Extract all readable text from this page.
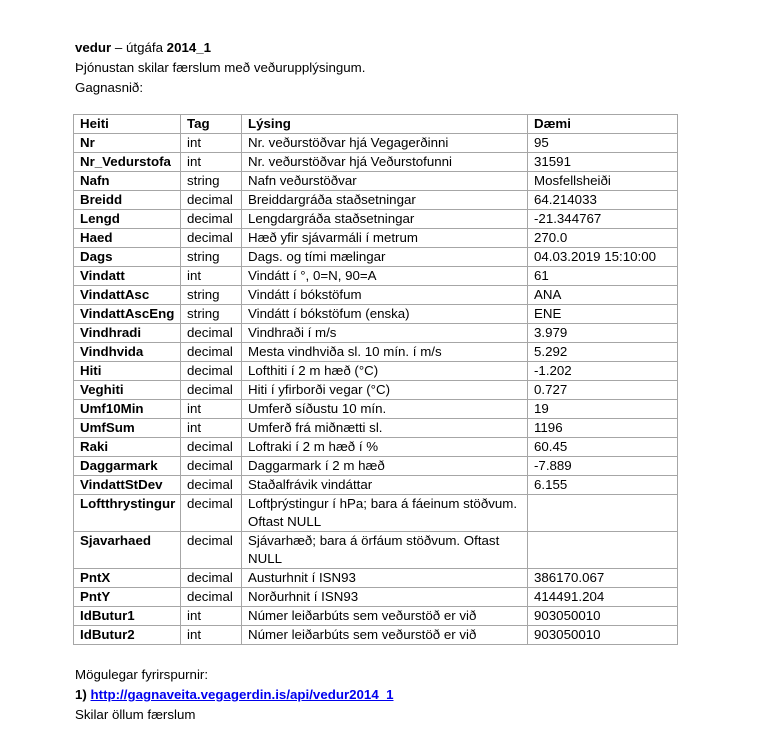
vedur – útgáfa 2014_1
Þjónustan skilar færslum með veðurupplýsingum.
Gagnasnið:
Heiti	Tag	Lýsing	Dæmi
Nr	int	Nr. veðurstöðvar hjá Vegagerðinni	95
Nr_Vedurstofa	int	Nr. veðurstöðvar hjá Veðurstofunni	31591
Nafn	string	Nafn veðurstöðvar	Mosfellsheiði
Breidd	decimal	Breiddargráða staðsetningar	64.214033
Lengd	decimal	Lengdargráða staðsetningar	-21.344767
Haed	decimal	Hæð yfir sjávarmáli í metrum	270.0
Dags	string	Dags. og tími mælingar	04.03.2019 15:10:00
Vindatt	int	Vindátt í °, 0=N, 90=A	61
VindattAsc	string	Vindátt í bókstöfum	ANA
VindattAscEng	string	Vindátt í bókstöfum (enska)	ENE
Vindhradi	decimal	Vindhraði í m/s	3.979
Vindhvida	decimal	Mesta vindhviða sl. 10 mín. í m/s	5.292
Hiti	decimal	Lofthiti í 2 m hæð (°C)	-1.202
Veghiti	decimal	Hiti í yfirborði vegar (°C)	0.727
Umf10Min	int	Umferð síðustu 10 mín.	19
UmfSum	int	Umferð frá miðnætti sl.	1196
Raki	decimal	Loftraki í 2 m hæð í %	60.45
Daggarmark	decimal	Daggarmark í 2 m hæð	-7.889
VindattStDev	decimal	Staðalfrávik vindáttar	6.155
Loftthrystingur	decimal	Loftþrýstingur í hPa; bara á fáeinum stöðvum. Oftast NULL	
Sjavarhaed	decimal	Sjávarhæð; bara á örfáum stöðvum. Oftast NULL	
PntX	decimal	Austurhnit í ISN93	386170.067
PntY	decimal	Norðurhnit í ISN93	414491.204
IdButur1	int	Númer leiðarbúts sem veðurstöð er við	903050010
IdButur2	int	Númer leiðarbúts sem veðurstöð er við	903050010
Mögulegar fyrirspurnir:
1) http://gagnaveita.vegagerdin.is/api/vedur2014_1
Skilar öllum færslum
